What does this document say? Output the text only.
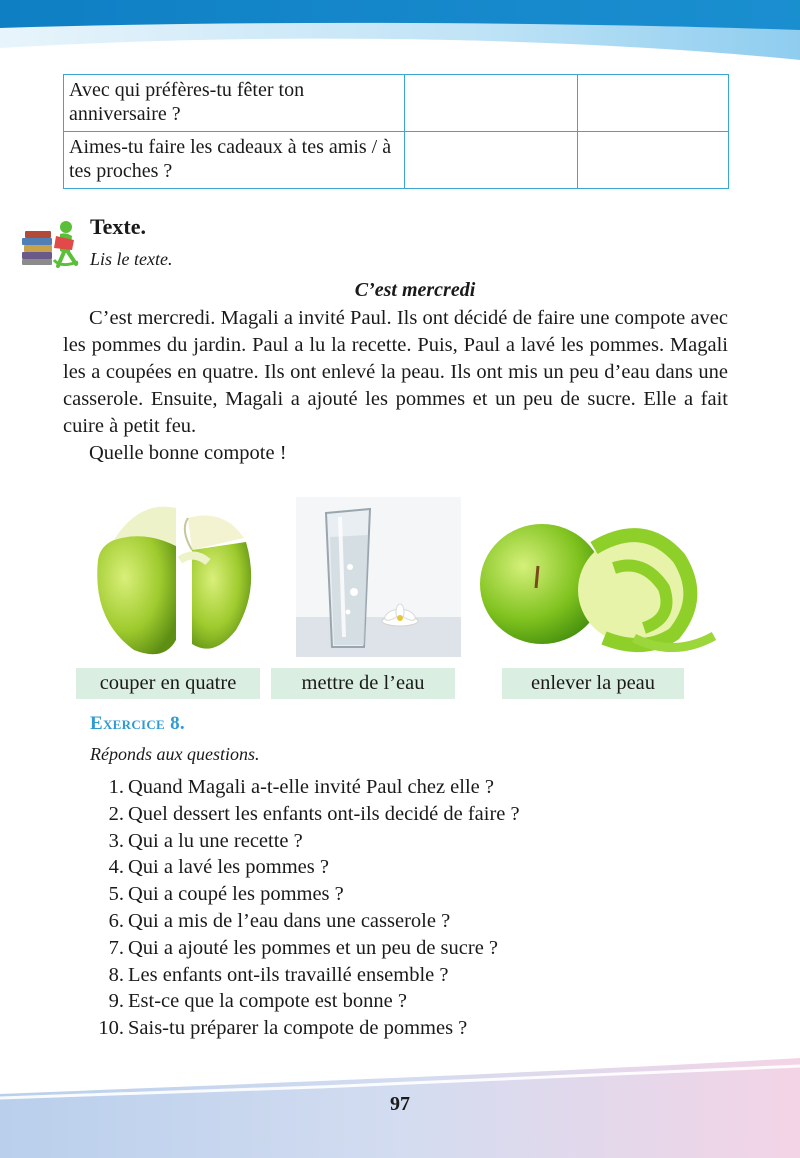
Avec qui préfères-tu fêter ton anniversaire ?		
Aimes-tu faire les cadeaux à tes amis / à tes proches ?		
Texte.
Lis le texte.
C’est mercredi

C’est mercredi. Magali a invité Paul. Ils ont décidé de faire une compote avec les pommes du jardin. Paul a lu la recette. Puis, Paul a lavé les pommes. Magali les a coupées en quatre. Ils ont enlevé la peau. Ils ont mis un peu d’eau dans une casserole. Ensuite, Magali a ajouté les pommes et un peu de sucre. Elle a fait cuire à petit feu.

Quelle bonne compote !

couper en quatre	mettre de l’eau	enlever la peau
Exercice 8.
Réponds aux questions.
1. Quand Magali a-t-elle invité Paul chez elle ?
2. Quel dessert les enfants ont-ils decidé de faire ?
3. Qui a lu une recette ?
4. Qui a lavé les pommes ?
5. Qui a coupé les pommes ?
6. Qui a mis de l’eau dans une casserole ?
7. Qui a ajouté les pommes et un peu de sucre ?
8. Les enfants ont-ils travaillé ensemble ?
9. Est-ce que la compote est bonne ?
10. Sais-tu préparer la compote de pommes ?
97
